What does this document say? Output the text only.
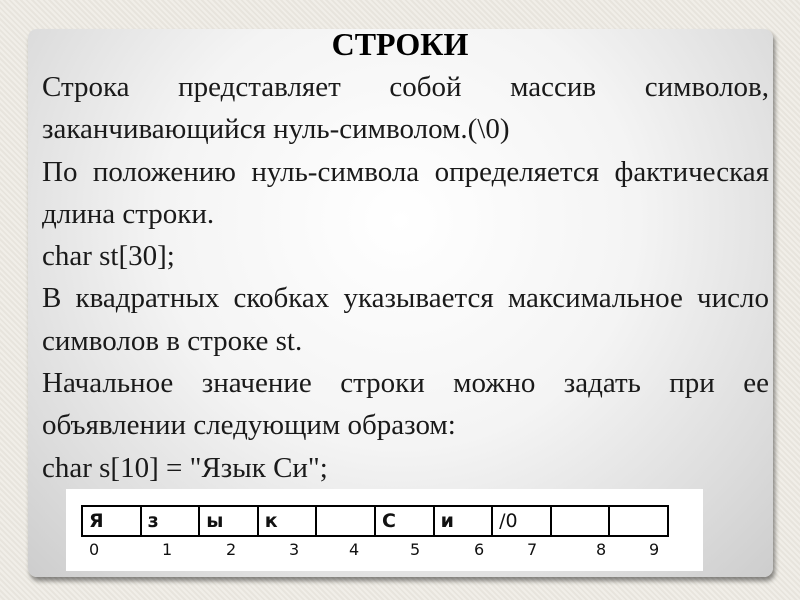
СТРОКИ

Строка представляет собой массив символов, заканчивающийся нуль-символом.(\0)

По положению нуль-символа определяется фактическая длина строки.

char st[30];

В квадратных скобках указывается максимальное число символов в строке st.

Начальное значение строки можно задать при ее объявлении следующим образом:

char s[10] = "Язык Си";

Я	з	ы	к		С	и	/0		
0	1	2	3	4	5	6	7	8	9
